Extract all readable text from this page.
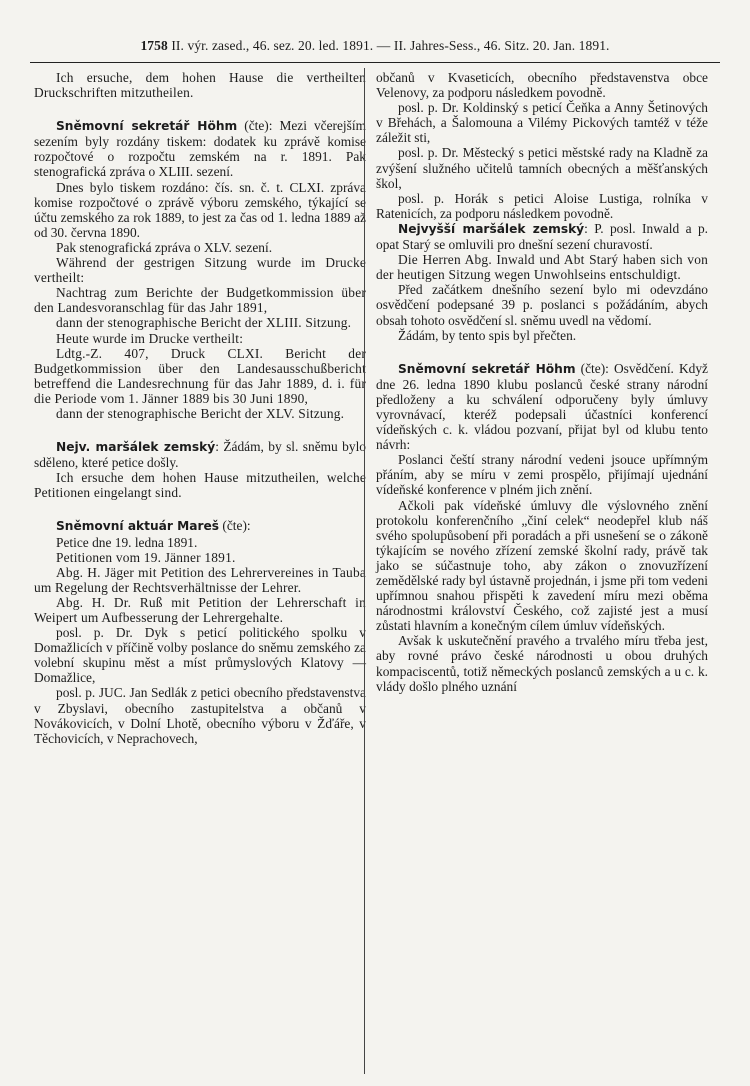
1758 II. výr. zased., 46. sez. 20. led. 1891. — II. Jahres-Sess., 46. Sitz. 20. Jan. 1891.

Ich ersuche, dem hohen Hause die vertheilten Druckschriften mitzutheilen.

Sněmovní sekretář Höhm (čte): Mezi včerejším sezením byly rozdány tiskem: dodatek ku zprávě komise rozpočtové o rozpočtu zemském na r. 1891. Pak stenografická zpráva o XLIII. sezení.

Dnes bylo tiskem rozdáno: čís. sn. č. t. CLXI. zpráva komise rozpočtové o zprávě výboru zemského, týkající se účtu zemského za rok 1889, to jest za čas od 1. ledna 1889 až od 30. června 1890.

Pak stenografická zpráva o XLV. sezení.

Während der gestrigen Sitzung wurde im Drucke vertheilt:

Nachtrag zum Berichte der Budgetkommission über den Landesvoranschlag für das Jahr 1891,

dann der stenographische Bericht der XLIII. Sitzung.

Heute wurde im Drucke vertheilt:

Ldtg.-Z. 407, Druck CLXI. Bericht der Budgetkommission über den Landesausschußbericht betreffend die Landesrechnung für das Jahr 1889, d. i. für die Periode vom 1. Jänner 1889 bis 30 Juni 1890,

dann der stenographische Bericht der XLV. Sitzung.

Nejv. maršálek zemský: Žádám, by sl. sněmu bylo sděleno, které petice došly.

Ich ersuche dem hohen Hause mitzutheilen, welche Petitionen eingelangt sind.

Sněmovní aktuár Mareš (čte):

Petice dne 19. ledna 1891.

Petitionen vom 19. Jänner 1891.

Abg. H. Jäger mit Petition des Lehrervereines in Tauba um Regelung der Rechtsverhältnisse der Lehrer.

Abg. H. Dr. Ruß mit Petition der Lehrerschaft in Weipert um Aufbesserung der Lehrergehalte.

posl. p. Dr. Dyk s peticí politického spolku v Domažlicích v příčině volby poslance do sněmu zemského za volební skupinu měst a míst průmyslových Klatovy — Domažlice,

posl. p. JUC. Jan Sedlák z petici obecního představenstva v Zbyslavi, obecního zastupitelstva a občanů v Novákovicích, v Dolní Lhotě, obecního výboru v Žďáře, v Těchovicích, v Neprachovech,

občanů v Kvaseticích, obecního představenstva obce Velenovy, za podporu následkem povodně.

posl. p. Dr. Koldinský s peticí Čeňka a Anny Šetinových v Břehách, a Šalomouna a Vilémy Pickových tamtéž v téže záležit sti,

posl. p. Dr. Městecký s petici městské rady na Kladně za zvýšení služného učitelů tamních obecných a měšťanských škol,

posl. p. Horák s petici Aloise Lustiga, rolníka v Ratenicích, za podporu následkem povodně.

Nejvyšší maršálek zemský: P. posl. Inwald a p. opat Starý se omluvili pro dnešní sezení churavostí.

Die Herren Abg. Inwald und Abt Starý haben sich von der heutigen Sitzung wegen Unwohlseins entschuldigt.

Před začátkem dnešního sezení bylo mi odevzdáno osvědčení podepsané 39 p. poslanci s požádáním, abych obsah tohoto osvědčení sl. sněmu uvedl na vědomí.

Žádám, by tento spis byl přečten.

Sněmovní sekretář Höhm (čte): Osvědčení. Když dne 26. ledna 1890 klubu poslanců české strany národní předloženy a ku schválení odporučeny byly úmluvy vyrovnávací, kteréž podepsali účastníci konferencí vídeňských c. k. vládou pozvaní, přijat byl od klubu tento návrh:

Poslanci čeští strany národní vedeni jsouce upřímným přáním, aby se míru v zemi prospělo, přijímají ujednání vídeňské konference v plném jich znění.

Ačkoli pak vídeňské úmluvy dle výslovného znění protokolu konferenčního „činí celek“ neodepřel klub náš svého spolupůsobení při poradách a při usnešení se o zákoně týkajícím se nového zřízení zemské školní rady, právě tak jako se súčastnuje toho, aby zákon o znovuzřízení zemědělské rady byl ústavně projednán, i jsme při tom vedeni upřímnou snahou přispěti k zavedení míru mezi oběma národnostmi království Českého, což zajisté jest a musí zůstati hlavním a konečným cílem úmluv vídeňských.

Avšak k uskutečnění pravého a trvalého míru třeba jest, aby rovné právo české národnosti u obou druhých kompaciscentů, totiž německých poslanců zemských a u c. k. vlády došlo plného uznání
